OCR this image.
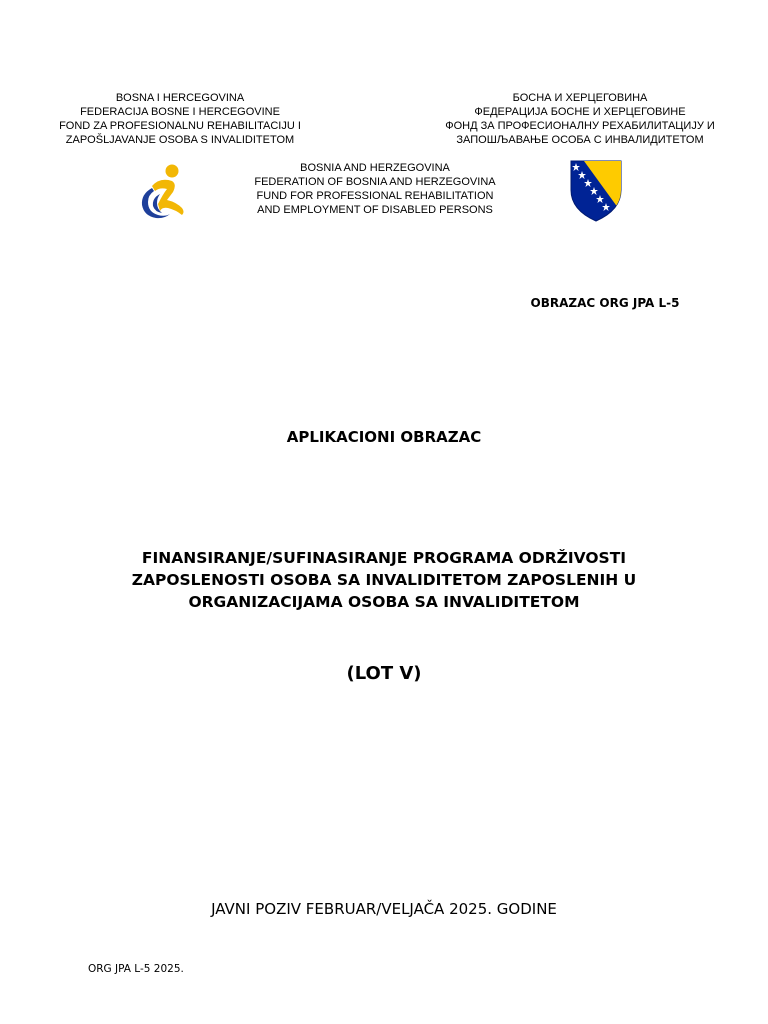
BOSNA I HERCEGOVINA
FEDERACIJA BOSNE I HERCEGOVINE
FOND ZA PROFESIONALNU REHABILITACIJU I
ZAPOŠLJAVANJE OSOBA S INVALIDITETOM
БОСНА И ХЕРЦЕГОВИНА
ФЕДЕРАЦИЈА БОСНЕ И ХЕРЦЕГОВИНЕ
ФОНД ЗА ПРОФЕСИОНАЛНУ РЕХАБИЛИТАЦИЈУ И
ЗАПОШЉАВАЊЕ ОСОБА С ИНВАЛИДИТЕТОМ
BOSNIA AND HERZEGOVINA
FEDERATION OF BOSNIA AND HERZEGOVINA
FUND FOR PROFESSIONAL REHABILITATION
AND EMPLOYMENT OF DISABLED PERSONS
OBRAZAC ORG JPA L-5
APLIKACIONI OBRAZAC
FINANSIRANJE/SUFINASIRANJE PROGRAMA ODRŽIVOSTI
ZAPOSLENOSTI OSOBA SA INVALIDITETOM ZAPOSLENIH U
ORGANIZACIJAMA OSOBA SA INVALIDITETOM
(LOT V)
JAVNI POZIV FEBRUAR/VELJAČA 2025. GODINE
ORG JPA L-5 2025.
